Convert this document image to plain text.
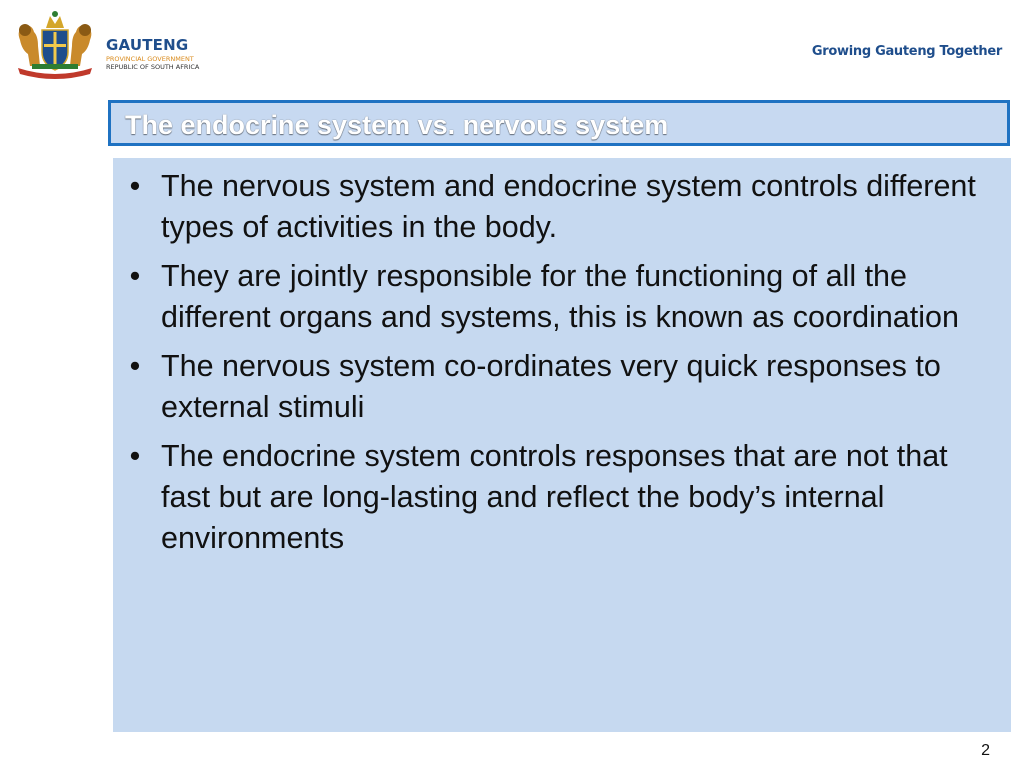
GAUTENG
PROVINCIAL GOVERNMENT
REPUBLIC OF SOUTH AFRICA
Growing Gauteng Together
The endocrine system vs. nervous system
• The nervous system and endocrine system controls different types of activities in the body.
• They are jointly responsible for the functioning of all the different organs and systems, this is known as coordination
• The nervous system co-ordinates very quick responses to external stimuli
• The endocrine system controls responses that are not that fast but are long-lasting and reflect the body’s internal environments
2
